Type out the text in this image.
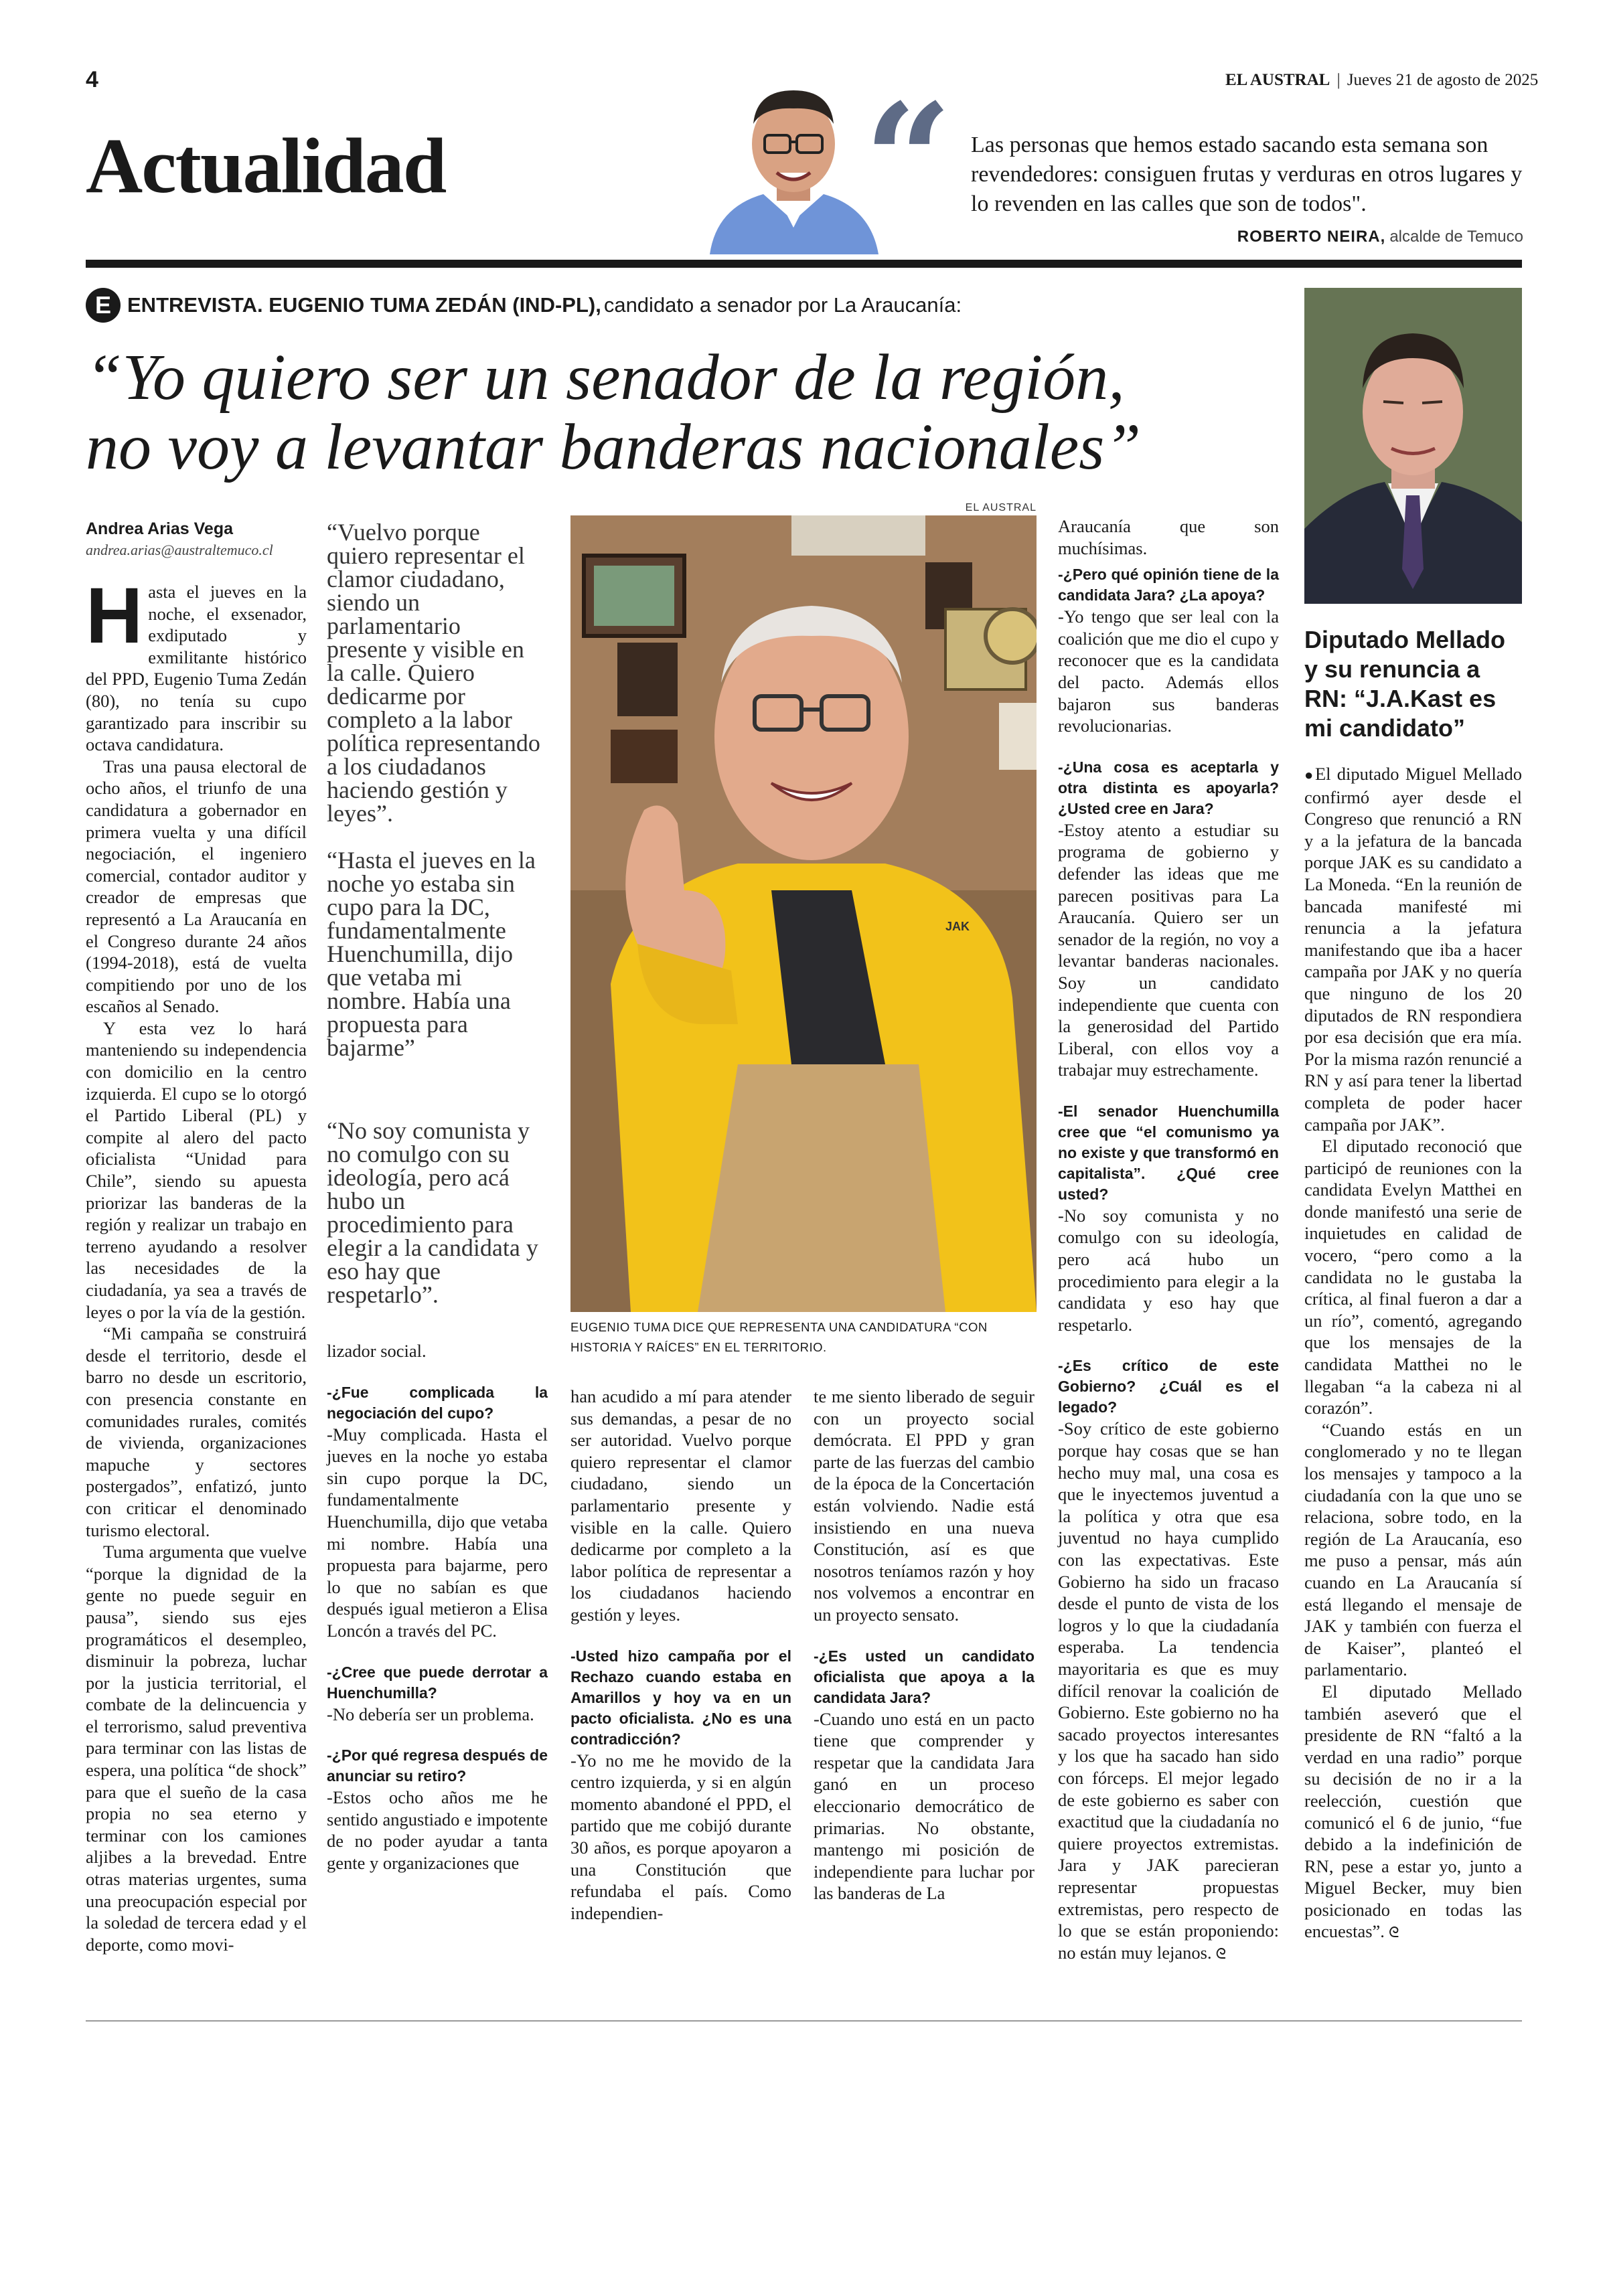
4	EL AUSTRAL | Jueves 21 de agosto de 2025
Actualidad	“ Las personas que hemos estado sacando esta semana son revendedores: consiguen frutas y verduras en otros lugares y lo revenden en las calles que son de todos".
ROBERTO NEIRA, alcalde de Temuco
E ENTREVISTA. EUGENIO TUMA ZEDÁN (IND-PL), candidato a senador por La Araucanía:
“Yo quiero ser un senador de la región,
no voy a levantar banderas nacionales”
Diputado Mellado y su renuncia a RN: “J.A.Kast es mi candidato”

●El diputado Miguel Mellado confirmó ayer desde el Congreso que renunció a RN y a la jefatura de la bancada porque JAK es su candidato a La Moneda. “En la reunión de bancada manifesté mi renuncia a la jefatura manifestando que iba a hacer campaña por JAK y no quería que ninguno de los 20 diputados de RN respondiera por esa decisión que era mía. Por la misma razón renuncié a RN y así para tener la libertad completa de poder hacer campaña por JAK”.

El diputado reconoció que participó de reuniones con la candidata Evelyn Matthei en donde manifestó una serie de inquietudes en calidad de vocero, “pero como a la candidata no le gustaba la crítica, al final fueron a dar a un río”, comentó, agregando que los mensajes de la candidata Matthei no le llegaban “a la cabeza ni al corazón”.

“Cuando estás en un conglomerado y no te llegan los mensajes y tampoco a la ciudadanía con la que uno se relaciona, sobre todo, en la región de La Araucanía, eso me puso a pensar, más aún cuando en La Araucanía sí está llegando el mensaje de JAK y también con fuerza el de Kaiser”, planteó el parlamentario.

El diputado Mellado también aseveró que el presidente de RN “faltó a la verdad en una radio” porque su decisión de no ir a la reelección, cuestión que comunicó el 6 de junio, “fue debido a la indefinición de RN, pese a estar yo, junto a Miguel Becker, muy bien posicionado en todas las encuestas”. ᘓ

Andrea Arias Vega
andrea.arias@australtemuco.cl

Hasta el jueves en la noche, el exsenador, exdiputado y exmilitante histórico del PPD, Eugenio Tuma Zedán (80), no tenía su cupo garantizado para inscribir su octava candidatura.

Tras una pausa electoral de ocho años, el triunfo de una candidatura a gobernador en primera vuelta y una difícil negociación, el ingeniero comercial, contador auditor y creador de empresas que representó a La Araucanía en el Congreso durante 24 años (1994-2018), está de vuelta compitiendo por uno de los escaños al Senado.

Y esta vez lo hará manteniendo su independencia con domicilio en la centro izquierda. El cupo se lo otorgó el Partido Liberal (PL) y compite al alero del pacto oficialista “Unidad para Chile”, siendo su apuesta priorizar las banderas de la región y realizar un trabajo en terreno ayudando a resolver las necesidades de la ciudadanía, ya sea a través de leyes o por la vía de la gestión.

“Mi campaña se construirá desde el territorio, desde el barro no desde un escritorio, con presencia constante en comunidades rurales, comités de vivienda, organizaciones mapuche y sectores postergados”, enfatizó, junto con criticar el denominado turismo electoral.

Tuma argumenta que vuelve “porque la dignidad de la gente no puede seguir en pausa”, siendo sus ejes programáticos el desempleo, disminuir la pobreza, luchar por la justicia territorial, el combate de la delincuencia y el terrorismo, salud preventiva para terminar con las listas de espera, una política “de shock” para que el sueño de la casa propia no sea eterno y terminar con los camiones aljibes a la brevedad. Entre otras materias urgentes, suma una preocupación especial por la soledad de tercera edad y el deporte, como movi-

“Vuelvo porque quiero representar el clamor ciudadano, siendo un parlamentario presente y visible en la calle. Quiero dedicarme por completo a la labor política representando a los ciudadanos haciendo gestión y leyes”.
“Hasta el jueves en la noche yo estaba sin cupo para la DC, fundamentalmente Huenchumilla, dijo que vetaba mi nombre. Había una propuesta para bajarme”
“No soy comunista y no comulgo con su ideología, pero acá hubo un procedimiento para elegir a la candidata y eso hay que respetarlo”.
EL AUSTRAL
JAK
EUGENIO TUMA DICE QUE REPRESENTA UNA CANDIDATURA “CON HISTORIA Y RAÍCES” EN EL TERRITORIO.

lizador social.

-¿Fue complicada la negociación del cupo?

-Muy complicada. Hasta el jueves en la noche yo estaba sin cupo porque la DC, fundamentalmente Huenchumilla, dijo que vetaba mi nombre. Había una propuesta para bajarme, pero lo que no sabían es que después igual metieron a Elisa Loncón a través del PC.

-¿Cree que puede derrotar a Huenchumilla?

-No debería ser un problema.

-¿Por qué regresa después de anunciar su retiro?

-Estos ocho años me he sentido angustiado e impotente de no poder ayudar a tanta gente y organizaciones que

han acudido a mí para atender sus demandas, a pesar de no ser autoridad. Vuelvo porque quiero representar el clamor ciudadano, siendo un parlamentario presente y visible en la calle. Quiero dedicarme por completo a la labor política de representar a los ciudadanos haciendo gestión y leyes.

-Usted hizo campaña por el Rechazo cuando estaba en Amarillos y hoy va en un pacto oficialista. ¿No es una contradicción?

-Yo no me he movido de la centro izquierda, y si en algún momento abandoné el PPD, el partido que me cobijó durante 30 años, es porque apoyaron a una Constitución que refundaba el país. Como independien-

te me siento liberado de seguir con un proyecto social demócrata. El PPD y gran parte de las fuerzas del cambio de la época de la Concertación están volviendo. Nadie está insistiendo en una nueva Constitución, así es que nosotros teníamos razón y hoy nos volvemos a encontrar en un proyecto sensato.

-¿Es usted un candidato oficialista que apoya a la candidata Jara?

-Cuando uno está en un pacto tiene que comprender y respetar que la candidata Jara ganó en un proceso eleccionario democrático de primarias. No obstante, mantengo mi posición de independiente para luchar por las banderas de La

Araucanía que son muchísimas.

-¿Pero qué opinión tiene de la candidata Jara? ¿La apoya?

-Yo tengo que ser leal con la coalición que me dio el cupo y reconocer que es la candidata del pacto. Además ellos bajaron sus banderas revolucionarias.

-¿Una cosa es aceptarla y otra distinta es apoyarla? ¿Usted cree en Jara?

-Estoy atento a estudiar su programa de gobierno y defender las ideas que me parecen positivas para La Araucanía. Quiero ser un senador de la región, no voy a levantar banderas nacionales. Soy un candidato independiente que cuenta con la generosidad del Partido Liberal, con ellos voy a trabajar muy estrechamente.

-El senador Huenchumilla cree que “el comunismo ya no existe y que transformó en capitalista”. ¿Qué cree usted?

-No soy comunista y no comulgo con su ideología, pero acá hubo un procedimiento para elegir a la candidata y eso hay que respetarlo.

-¿Es crítico de este Gobierno? ¿Cuál es el legado?

-Soy crítico de este gobierno porque hay cosas que se han hecho muy mal, una cosa es que le inyectemos juventud a la política y otra que esa juventud no haya cumplido con las expectativas. Este Gobierno ha sido un fracaso desde el punto de vista de los logros y lo que la ciudadanía esperaba. La tendencia mayoritaria es que es muy difícil renovar la coalición de Gobierno. Este gobierno no ha sacado proyectos interesantes y los que ha sacado han sido con fórceps. El mejor legado de este gobierno es saber con exactitud que la ciudadanía no quiere proyectos extremistas. Jara y JAK parecieran representar propuestas extremistas, pero respecto de lo que se están proponiendo: no están muy lejanos. ᘓ
